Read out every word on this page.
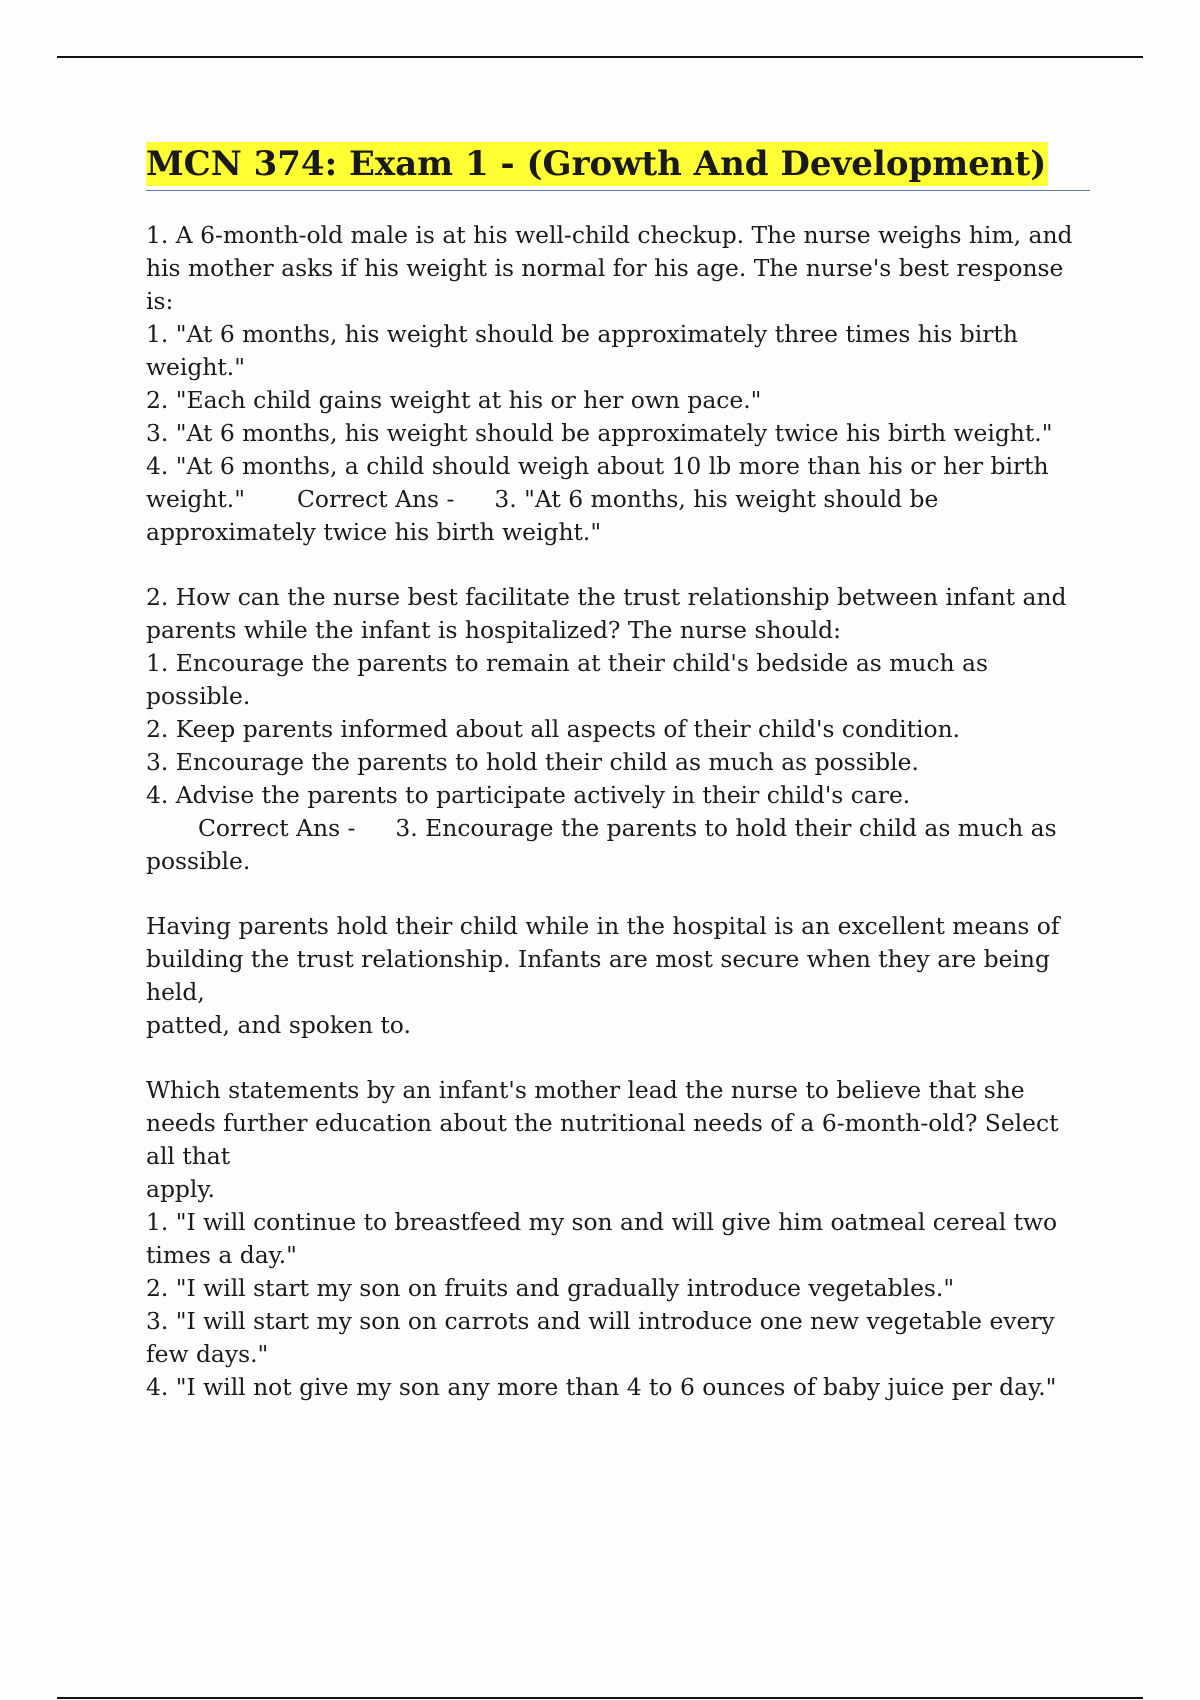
MCN 374: Exam 1 - (Growth And Development)

1. A 6-month-old male is at his well-child checkup. The nurse weighs him, and his mother asks if his weight is normal for his age. The nurse's best response is:

1. "At 6 months, his weight should be approximately three times his birth weight."

2. "Each child gains weight at his or her own pace."

3. "At 6 months, his weight should be approximately twice his birth weight."

4. "At 6 months, a child should weigh about 10 lb more than his or her birth weight." Correct Ans - 3. "At 6 months, his weight should be approximately twice his birth weight."

2. How can the nurse best facilitate the trust relationship between infant and parents while the infant is hospitalized? The nurse should:

1. Encourage the parents to remain at their child's bedside as much as possible.

2. Keep parents informed about all aspects of their child's condition.

3. Encourage the parents to hold their child as much as possible.

4. Advise the parents to participate actively in their child's care.Correct Ans - 3. Encourage the parents to hold their child as much as possible.

Having parents hold their child while in the hospital is an excellent means of building the trust relationship. Infants are most secure when they are being held,

patted, and spoken to.

Which statements by an infant's mother lead the nurse to believe that she needs further education about the nutritional needs of a 6-month-old? Select all that

apply.

1. "I will continue to breastfeed my son and will give him oatmeal cereal two times a day."

2. "I will start my son on fruits and gradually introduce vegetables."

3. "I will start my son on carrots and will introduce one new vegetable every few days."

4. "I will not give my son any more than 4 to 6 ounces of baby juice per day."
